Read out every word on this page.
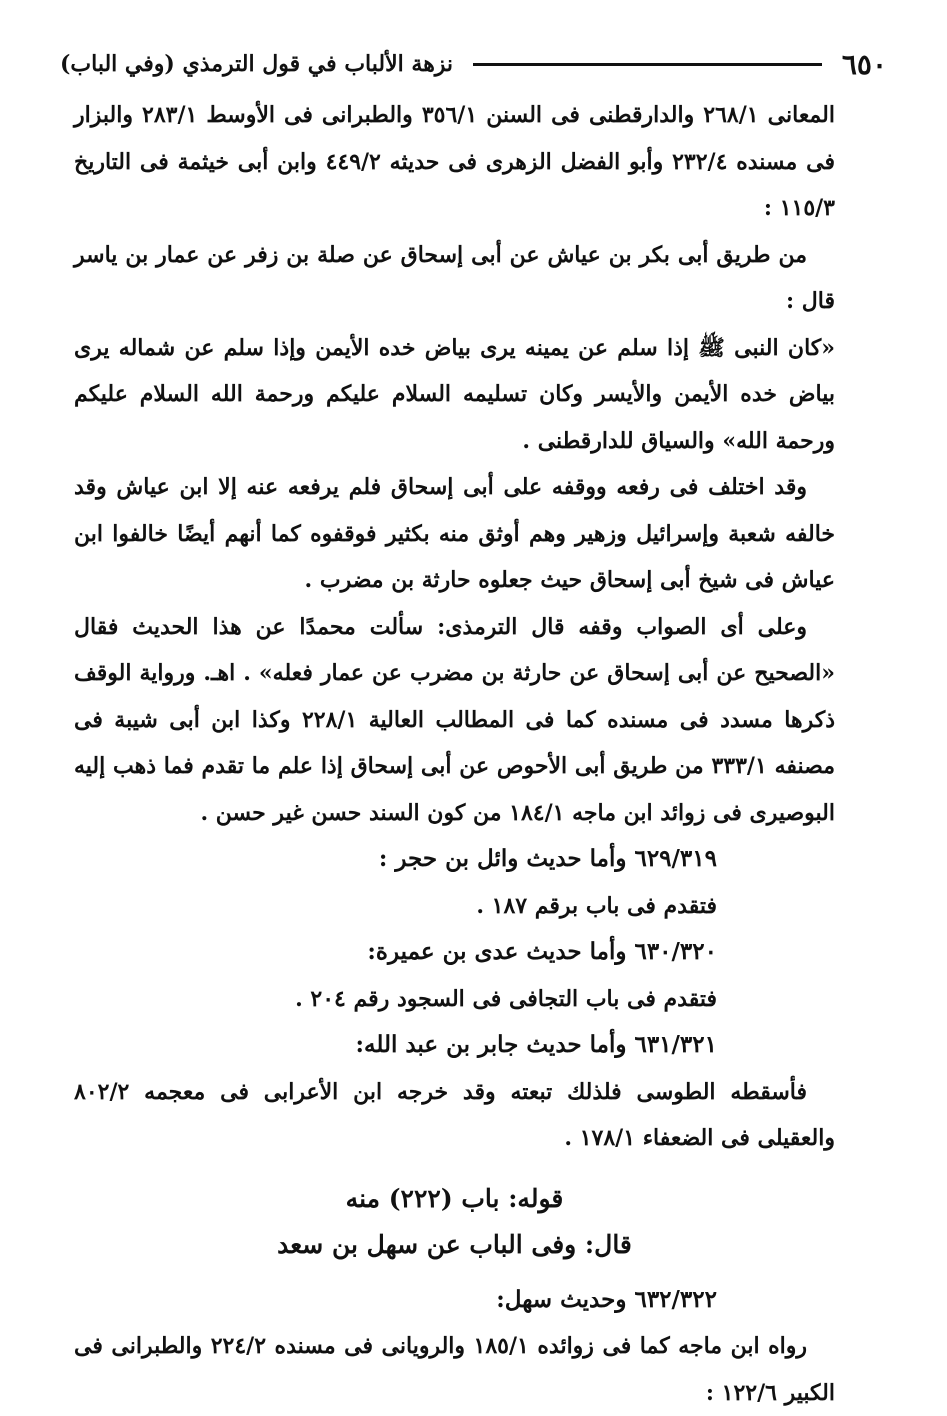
٦٥٠
نزهة الألباب في قول الترمذي (وفي الباب)

المعانى ٢٦٨/١ والدارقطنى فى السنن ٣٥٦/١ والطبرانى فى الأوسط ٢٨٣/١ والبزار فى مسنده ٢٣٢/٤ وأبو الفضل الزهرى فى حديثه ٤٤٩/٢ وابن أبى خيثمة فى التاريخ ١١٥/٣ :

من طريق أبى بكر بن عياش عن أبى إسحاق عن صلة بن زفر عن عمار بن ياسر قال :

«كان النبى ﷺ إذا سلم عن يمينه يرى بياض خده الأيمن وإذا سلم عن شماله يرى بياض خده الأيمن والأيسر وكان تسليمه السلام عليكم ورحمة الله السلام عليكم ورحمة الله» والسياق للدارقطنى .

وقد اختلف فى رفعه ووقفه على أبى إسحاق فلم يرفعه عنه إلا ابن عياش وقد خالفه شعبة وإسرائيل وزهير وهم أوثق منه بكثير فوقفوه كما أنهم أيضًا خالفوا ابن عياش فى شيخ أبى إسحاق حيث جعلوه حارثة بن مضرب .

وعلى أى الصواب وقفه قال الترمذى: سألت محمدًا عن هذا الحديث فقال «الصحيح عن أبى إسحاق عن حارثة بن مضرب عن عمار فعله» . اهـ. ورواية الوقف ذكرها مسدد فى مسنده كما فى المطالب العالية ٢٢٨/١ وكذا ابن أبى شيبة فى مصنفه ٣٣٣/١ من طريق أبى الأحوص عن أبى إسحاق إذا علم ما تقدم فما ذهب إليه البوصيرى فى زوائد ابن ماجه ١٨٤/١ من كون السند حسن غير حسن .

٦٢٩/٣١٩ وأما حديث وائل بن حجر :

فتقدم فى باب برقم ١٨٧ .

٦٣٠/٣٢٠ وأما حديث عدى بن عميرة:

فتقدم فى باب التجافى فى السجود رقم ٢٠٤ .

٦٣١/٣٢١ وأما حديث جابر بن عبد الله:

فأسقطه الطوسى فلذلك تبعته وقد خرجه ابن الأعرابى فى معجمه ٨٠٢/٢ والعقيلى فى الضعفاء ١٧٨/١ .

قوله: باب (٢٢٢) منه

قال: وفى الباب عن سهل بن سعد

٦٣٢/٣٢٢ وحديث سهل:

رواه ابن ماجه كما فى زوائده ١٨٥/١ والرويانى فى مسنده ٢٢٤/٢ والطبرانى فى الكبير ١٢٢/٦ :
